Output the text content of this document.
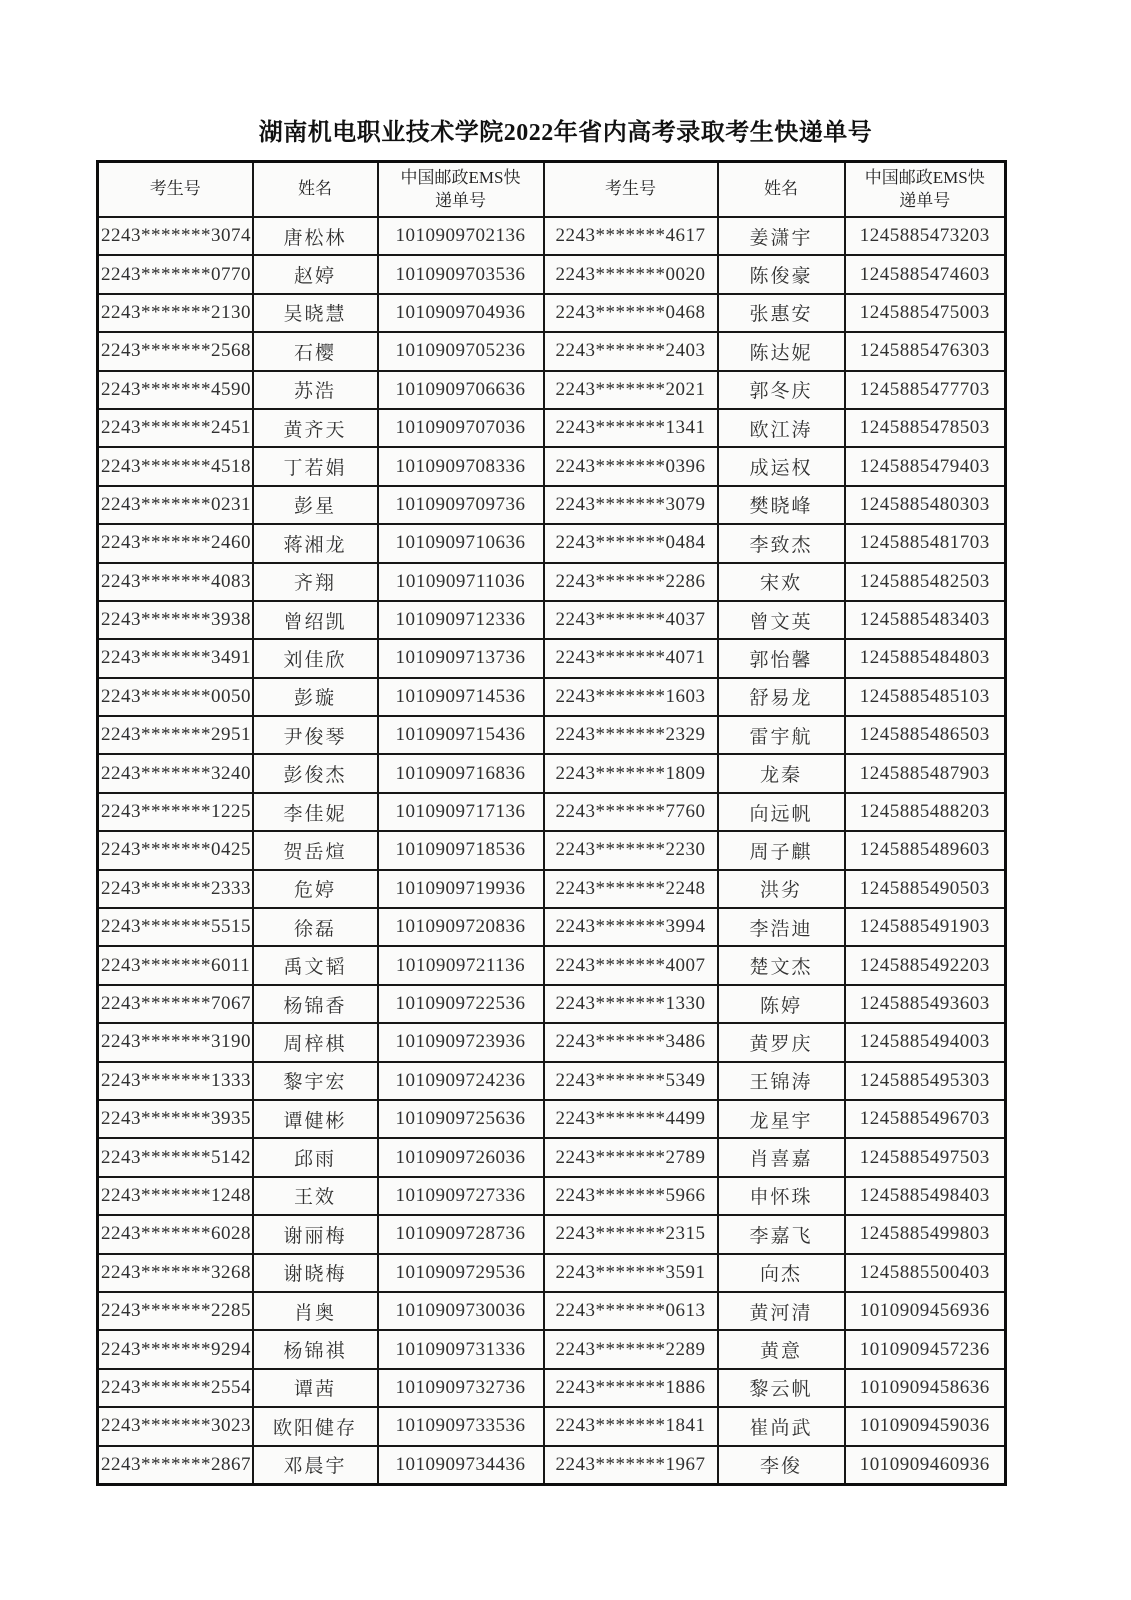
湖南机电职业技术学院2022年省内高考录取考生快递单号
考生号	姓名	中国邮政EMS快递单号	考生号	姓名	中国邮政EMS快递单号
2243*******3074	唐松林	1010909702136	2243*******4617	姜潇宇	1245885473203
2243*******0770	赵婷	1010909703536	2243*******0020	陈俊豪	1245885474603
2243*******2130	吴晓慧	1010909704936	2243*******0468	张惠安	1245885475003
2243*******2568	石樱	1010909705236	2243*******2403	陈达妮	1245885476303
2243*******4590	苏浩	1010909706636	2243*******2021	郭冬庆	1245885477703
2243*******2451	黄齐天	1010909707036	2243*******1341	欧江涛	1245885478503
2243*******4518	丁若娟	1010909708336	2243*******0396	成运权	1245885479403
2243*******0231	彭星	1010909709736	2243*******3079	樊晓峰	1245885480303
2243*******2460	蒋湘龙	1010909710636	2243*******0484	李致杰	1245885481703
2243*******4083	齐翔	1010909711036	2243*******2286	宋欢	1245885482503
2243*******3938	曾绍凯	1010909712336	2243*******4037	曾文英	1245885483403
2243*******3491	刘佳欣	1010909713736	2243*******4071	郭怡馨	1245885484803
2243*******0050	彭璇	1010909714536	2243*******1603	舒易龙	1245885485103
2243*******2951	尹俊琴	1010909715436	2243*******2329	雷宇航	1245885486503
2243*******3240	彭俊杰	1010909716836	2243*******1809	龙秦	1245885487903
2243*******1225	李佳妮	1010909717136	2243*******7760	向远帆	1245885488203
2243*******0425	贺岳煊	1010909718536	2243*******2230	周子麒	1245885489603
2243*******2333	危婷	1010909719936	2243*******2248	洪劣	1245885490503
2243*******5515	徐磊	1010909720836	2243*******3994	李浩迪	1245885491903
2243*******6011	禹文韬	1010909721136	2243*******4007	楚文杰	1245885492203
2243*******7067	杨锦香	1010909722536	2243*******1330	陈婷	1245885493603
2243*******3190	周梓棋	1010909723936	2243*******3486	黄罗庆	1245885494003
2243*******1333	黎宇宏	1010909724236	2243*******5349	王锦涛	1245885495303
2243*******3935	谭健彬	1010909725636	2243*******4499	龙星宇	1245885496703
2243*******5142	邱雨	1010909726036	2243*******2789	肖喜嘉	1245885497503
2243*******1248	王效	1010909727336	2243*******5966	申怀珠	1245885498403
2243*******6028	谢丽梅	1010909728736	2243*******2315	李嘉飞	1245885499803
2243*******3268	谢晓梅	1010909729536	2243*******3591	向杰	1245885500403
2243*******2285	肖奥	1010909730036	2243*******0613	黄河清	1010909456936
2243*******9294	杨锦祺	1010909731336	2243*******2289	黄意	1010909457236
2243*******2554	谭茜	1010909732736	2243*******1886	黎云帆	1010909458636
2243*******3023	欧阳健存	1010909733536	2243*******1841	崔尚武	1010909459036
2243*******2867	邓晨宇	1010909734436	2243*******1967	李俊	1010909460936
